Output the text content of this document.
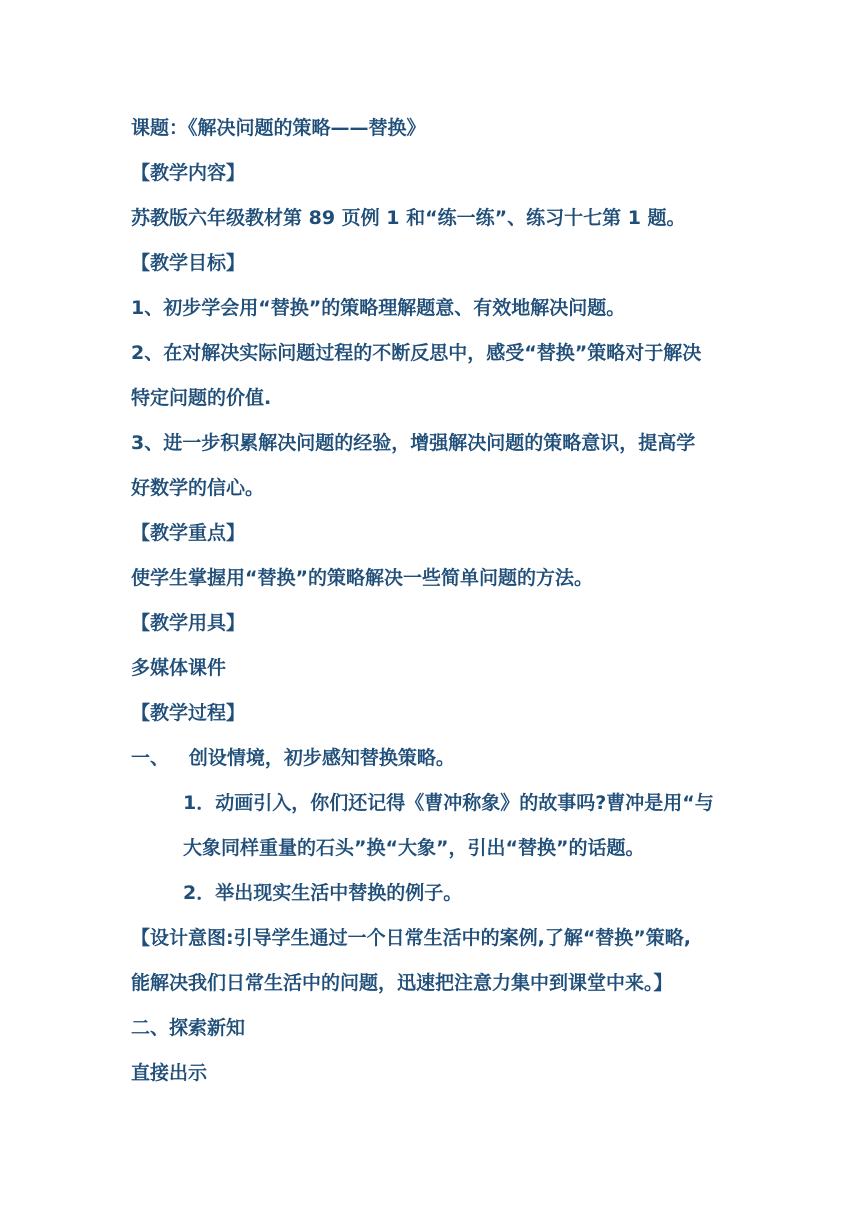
课题：《解决问题的策略——替换》
【教学内容】
苏教版六年级教材第 89 页例 1 和“练一练”、练习十七第 1 题。
【教学目标】
1、初步学会用“替换”的策略理解题意、有效地解决问题。
2、在对解决实际问题过程的不断反思中，感受“替换”策略对于解决
特定问题的价值.
3、进一步积累解决问题的经验，增强解决问题的策略意识，提高学
好数学的信心。
【教学重点】
使学生掌握用“替换”的策略解决一些简单问题的方法。
【教学用具】
多媒体课件
【教学过程】
一、   创设情境，初步感知替换策略。
1．动画引入，你们还记得《曹冲称象》的故事吗?曹冲是用“与
大象同样重量的石头”换“大象”，引出“替换”的话题。
2．举出现实生活中替换的例子。
【设计意图:引导学生通过一个日常生活中的案例,了解“替换”策略,
能解决我们日常生活中的问题，迅速把注意力集中到课堂中来。】
二、探索新知
直接出示
